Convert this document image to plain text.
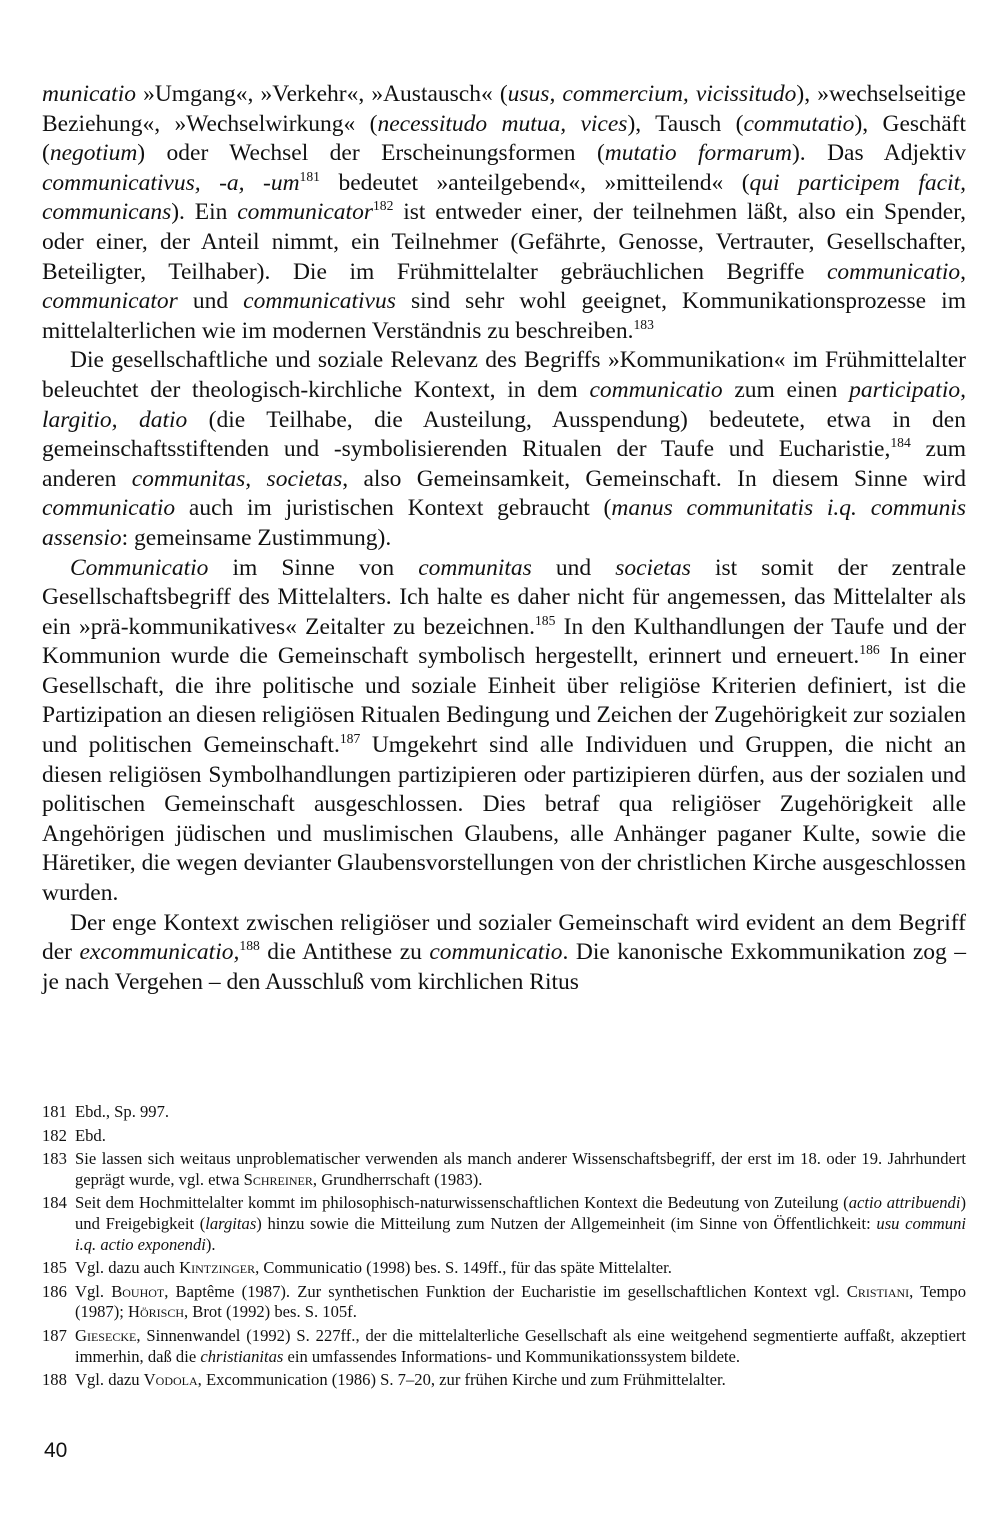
municatio »Umgang«, »Verkehr«, »Austausch« (usus, commercium, vicissitudo), »wechselseitige Beziehung«, »Wechselwirkung« (necessitudo mutua, vices), Tausch (commutatio), Geschäft (negotium) oder Wechsel der Erscheinungsformen (mutatio formarum). Das Adjektiv communicativus, -a, $-um^{181}$ bedeutet »anteilgebend«, »mitteilend« (qui participem facit, communicans). Ein communicator$^{182}$ ist entweder einer, der teilnehmen läßt, also ein Spender, oder einer, der Anteil nimmt, ein Teilnehmer (Gefährte, Genosse, Vertrauter, Gesellschafter, Beteiligter, Teilhaber). Die im Frühmittelalter gebräuchlichen Begriffe communicatio, communicator und communicativus sind sehr wohl geeignet, Kommunikationsprozesse im mittelalterlichen wie im modernen Verständnis zu beschreiben.$^{183}$

Die gesellschaftliche und soziale Relevanz des Begriffs »Kommunikation« im Frühmittelalter beleuchtet der theologisch-kirchliche Kontext, in dem communicatio zum einen participatio, largitio, datio (die Teilhabe, die Austeilung, Ausspendung) bedeutete, etwa in den gemeinschaftsstiftenden und -symbolisierenden Ritualen der Taufe und Eucharistie,$^{184}$ zum anderen communitas, societas, also Gemeinsamkeit, Gemeinschaft. In diesem Sinne wird communicatio auch im juristischen Kontext gebraucht (manus communitatis i.q. communis assensio: gemeinsame Zustimmung).

Communicatio im Sinne von communitas und societas ist somit der zentrale Gesellschaftsbegriff des Mittelalters. Ich halte es daher nicht für angemessen, das Mittelalter als ein »prä-kommunikatives« Zeitalter zu bezeichnen.$^{185}$ In den Kulthandlungen der Taufe und der Kommunion wurde die Gemeinschaft symbolisch hergestellt, erinnert und erneuert.$^{186}$ In einer Gesellschaft, die ihre politische und soziale Einheit über religiöse Kriterien definiert, ist die Partizipation an diesen religiösen Ritualen Bedingung und Zeichen der Zugehörigkeit zur sozialen und politischen Gemeinschaft.$^{187}$ Umgekehrt sind alle Individuen und Gruppen, die nicht an diesen religiösen Symbolhandlungen partizipieren oder partizipieren dürfen, aus der sozialen und politischen Gemeinschaft ausgeschlossen. Dies betraf qua religiöser Zugehörigkeit alle Angehörigen jüdischen und muslimischen Glaubens, alle Anhänger paganer Kulte, sowie die Häretiker, die wegen devianter Glaubensvorstellungen von der christlichen Kirche ausgeschlossen wurden.

Der enge Kontext zwischen religiöser und sozialer Gemeinschaft wird evident an dem Begriff der excommunicatio,$^{188}$ die Antithese zu communicatio. Die kanonische Exkommunikation zog – je nach Vergehen – den Ausschluß vom kirchlichen Ritus

181 Ebd., Sp. 997.
182 Ebd.
183 Sie lassen sich weitaus unproblematischer verwenden als manch anderer Wissenschaftsbegriff, der erst im 18. oder 19. Jahrhundert geprägt wurde, vgl. etwa Schreiner, Grundherrschaft (1983).
184 Seit dem Hochmittelalter kommt im philosophisch-naturwissenschaftlichen Kontext die Bedeutung von Zuteilung (actio attribuendi) und Freigebigkeit (largitas) hinzu sowie die Mitteilung zum Nutzen der Allgemeinheit (im Sinne von Öffentlichkeit: usu communi i.q. actio exponendi).
185 Vgl. dazu auch Kintzinger, Communicatio (1998) bes. S. 149ff., für das späte Mittelalter.
186 Vgl. Bouhot, Baptême (1987). Zur synthetischen Funktion der Eucharistie im gesellschaftlichen Kontext vgl. Cristiani, Tempo (1987); Hörisch, Brot (1992) bes. S. 105f.
187 Giesecke, Sinnenwandel (1992) S. 227ff., der die mittelalterliche Gesellschaft als eine weitgehend segmentierte auffaßt, akzeptiert immerhin, daß die christianitas ein umfassendes Informations- und Kommunikationssystem bildete.
188 Vgl. dazu Vodola, Excommunication (1986) S. 7–20, zur frühen Kirche und zum Frühmittelalter.
40
